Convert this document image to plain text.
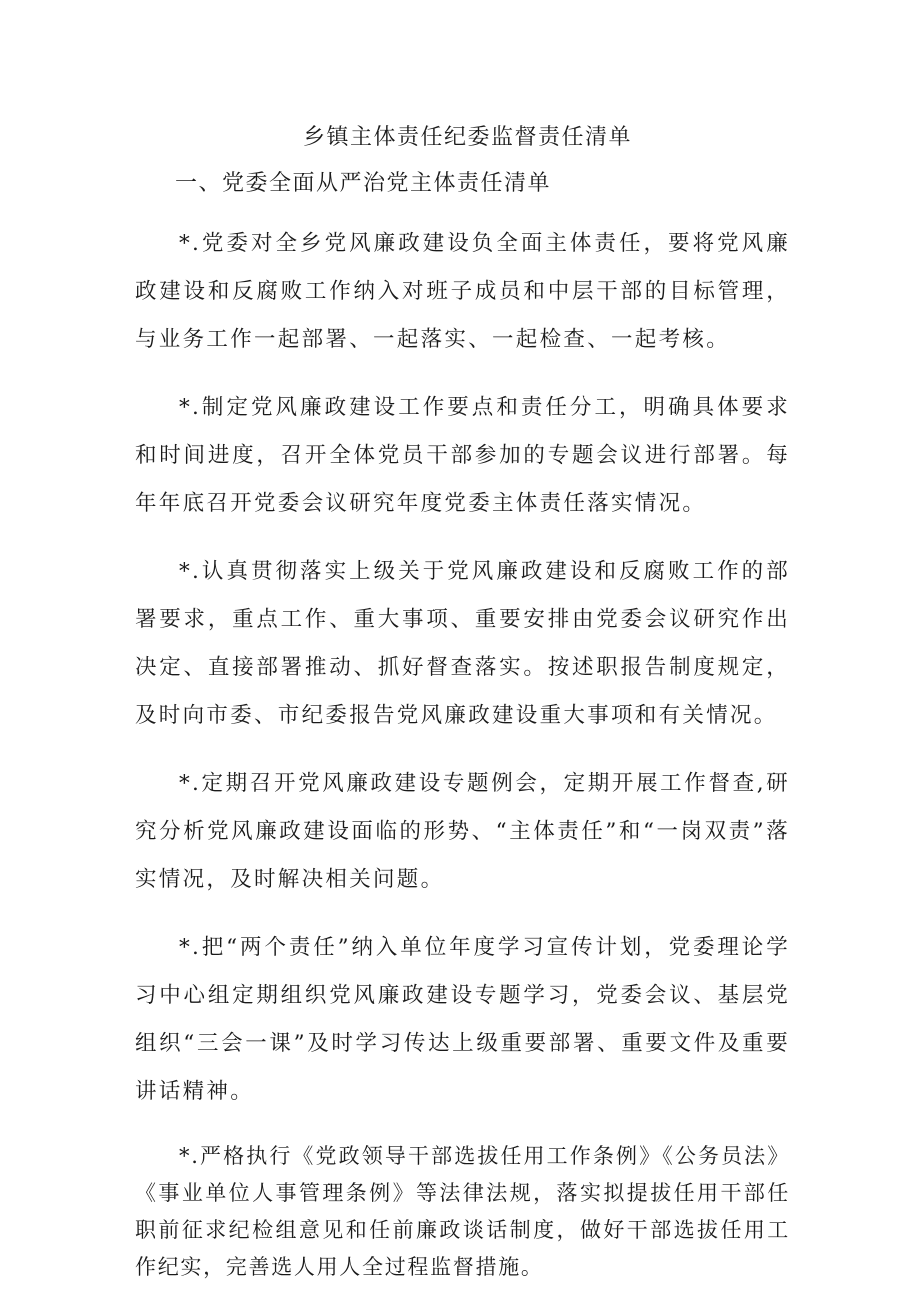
乡镇主体责任纪委监督责任清单
一、党委全面从严治党主体责任清单

*.党委对全乡党风廉政建设负全面主体责任，要将党风廉政建设和反腐败工作纳入对班子成员和中层干部的目标管理，与业务工作一起部署、一起落实、一起检查、一起考核。

*.制定党风廉政建设工作要点和责任分工，明确具体要求和时间进度，召开全体党员干部参加的专题会议进行部署。每年年底召开党委会议研究年度党委主体责任落实情况。

*.认真贯彻落实上级关于党风廉政建设和反腐败工作的部署要求，重点工作、重大事项、重要安排由党委会议研究作出决定、直接部署推动、抓好督查落实。按述职报告制度规定，及时向市委、市纪委报告党风廉政建设重大事项和有关情况。

*.定期召开党风廉政建设专题例会，定期开展工作督查,研究分析党风廉政建设面临的形势、“主体责任”和“一岗双责”落实情况，及时解决相关问题。

*.把“两个责任”纳入单位年度学习宣传计划，党委理论学习中心组定期组织党风廉政建设专题学习，党委会议、基层党组织“三会一课”及时学习传达上级重要部署、重要文件及重要讲话精神。

*.严格执行《党政领导干部选拔任用工作条例》《公务员法》《事业单位人事管理条例》等法律法规，落实拟提拔任用干部任职前征求纪检组意见和任前廉政谈话制度，做好干部选拔任用工作纪实，完善选人用人全过程监督措施。
